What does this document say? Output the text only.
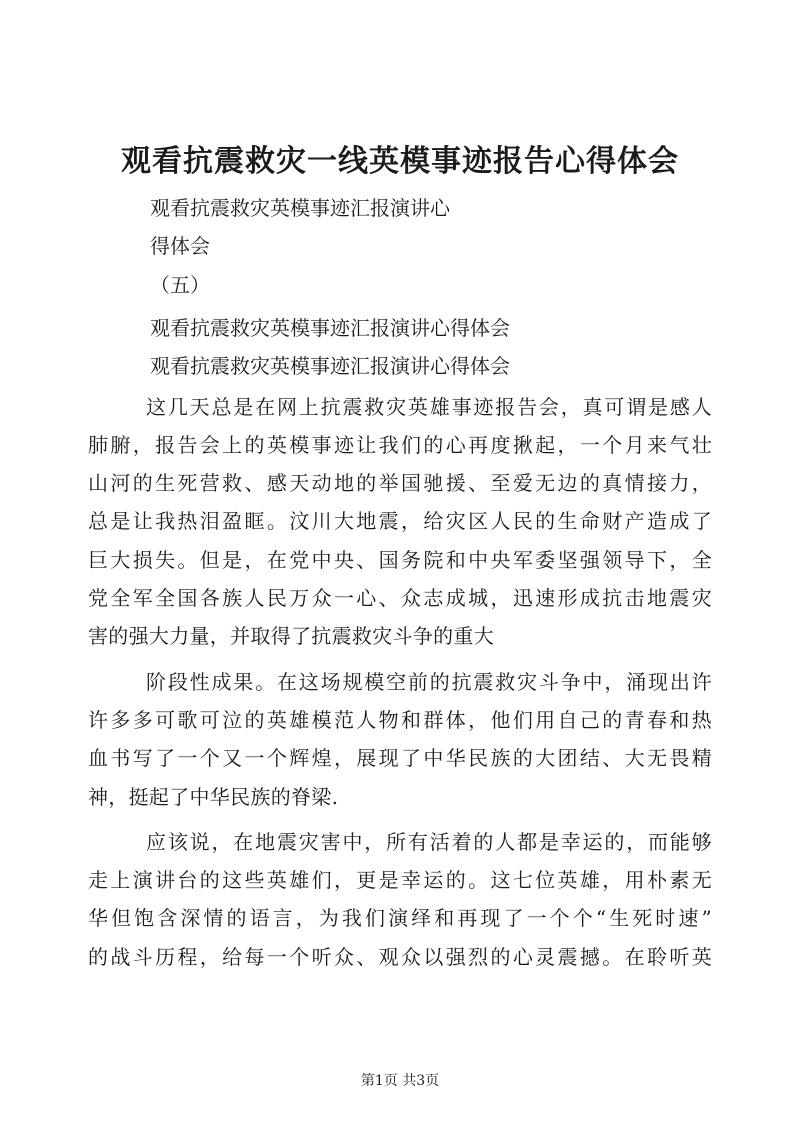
观看抗震救灾一线英模事迹报告心得体会
观看抗震救灾英模事迹汇报演讲心
得体会
（五）
观看抗震救灾英模事迹汇报演讲心得体会
观看抗震救灾英模事迹汇报演讲心得体会
这几天总是在网上抗震救灾英雄事迹报告会，真可谓是感人
肺腑，报告会上的英模事迹让我们的心再度揪起，一个月来气壮
山河的生死营救、感天动地的举国驰援、至爱无边的真情接力，
总是让我热泪盈眶。汶川大地震，给灾区人民的生命财产造成了
巨大损失。但是，在党中央、国务院和中央军委坚强领导下，全
党全军全国各族人民万众一心、众志成城，迅速形成抗击地震灾
害的强大力量，并取得了抗震救灾斗争的重大
阶段性成果。在这场规模空前的抗震救灾斗争中，涌现出许
许多多可歌可泣的英雄模范人物和群体，他们用自己的青春和热
血书写了一个又一个辉煌，展现了中华民族的大团结、大无畏精
神，挺起了中华民族的脊梁.
应该说，在地震灾害中，所有活着的人都是幸运的，而能够
走上演讲台的这些英雄们，更是幸运的。这七位英雄，用朴素无
华但饱含深情的语言，为我们演绎和再现了一个个“生死时速”
的战斗历程，给每一个听众、观众以强烈的心灵震撼。在聆听英
第1页 共3页
